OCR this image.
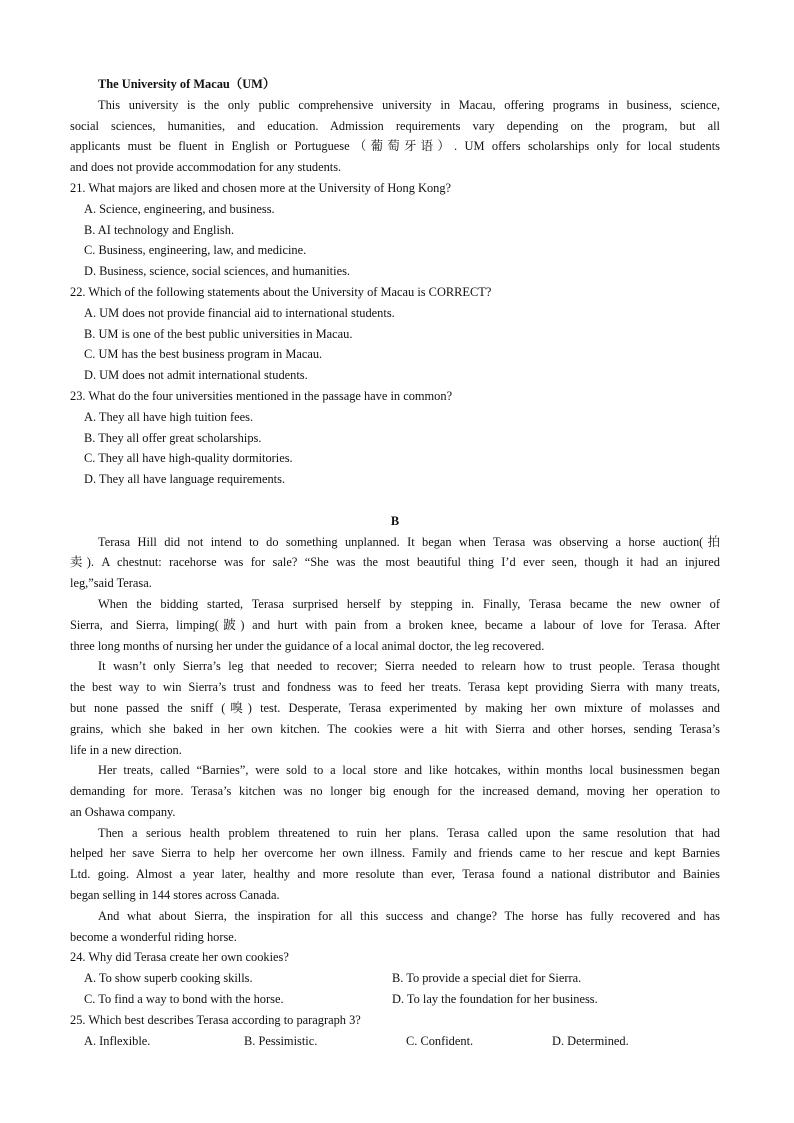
The University of Macau（UM）
This university is the only public comprehensive university in Macau, offering programs in business, science,
social sciences, humanities, and education. Admission requirements vary depending on the program, but all
applicants must be fluent in English or Portuguese（葡萄牙语）. UM offers scholarships only for local students
and does not provide accommodation for any students.
21. What majors are liked and chosen more at the University of Hong Kong?
A. Science, engineering, and business.
B. AI technology and English.
C. Business, engineering, law, and medicine.
D. Business, science, social sciences, and humanities.
22. Which of the following statements about the University of Macau is CORRECT?
A. UM does not provide financial aid to international students.
B. UM is one of the best public universities in Macau.
C. UM has the best business program in Macau.
D. UM does not admit international students.
23. What do the four universities mentioned in the passage have in common?
A. They all have high tuition fees.
B. They all offer great scholarships.
C. They all have high-quality dormitories.
D. They all have language requirements.
B
Terasa Hill did not intend to do something unplanned. It began when Terasa was observing a horse auction(拍
卖). A chestnut: racehorse was for sale? “She was the most beautiful thing I’d ever seen, though it had an injured
leg,”said Terasa.
When the bidding started, Terasa surprised herself by stepping in. Finally, Terasa became the new owner of
Sierra, and Sierra, limping(跛) and hurt with pain from a broken knee, became a labour of love for Terasa. After
three long months of nursing her under the guidance of a local animal doctor, the leg recovered.
It wasn’t only Sierra’s leg that needed to recover; Sierra needed to relearn how to trust people. Terasa thought
the best way to win Sierra’s trust and fondness was to feed her treats. Terasa kept providing Sierra with many treats,
but none passed the sniff (嗅) test. Desperate, Terasa experimented by making her own mixture of molasses and
grains, which she baked in her own kitchen. The cookies were a hit with Sierra and other horses, sending Terasa’s
life in a new direction.
Her treats, called “Barnies”, were sold to a local store and like hotcakes, within months local businessmen began
demanding for more. Terasa’s kitchen was no longer big enough for the increased demand, moving her operation to
an Oshawa company.
Then a serious health problem threatened to ruin her plans. Terasa called upon the same resolution that had
helped her save Sierra to help her overcome her own illness. Family and friends came to her rescue and kept Barnies
Ltd. going. Almost a year later, healthy and more resolute than ever, Terasa found a national distributor and Bainies
began selling in 144 stores across Canada.
And what about Sierra, the inspiration for all this success and change? The horse has fully recovered and has
become a wonderful riding horse.
24. Why did Terasa create her own cookies?
A. To show superb cooking skills.	B. To provide a special diet for Sierra.
C. To find a way to bond with the horse.	D. To lay the foundation for her business.
25. Which best describes Terasa according to paragraph 3?
A. Inflexible.	B. Pessimistic.	C. Confident.	D. Determined.
